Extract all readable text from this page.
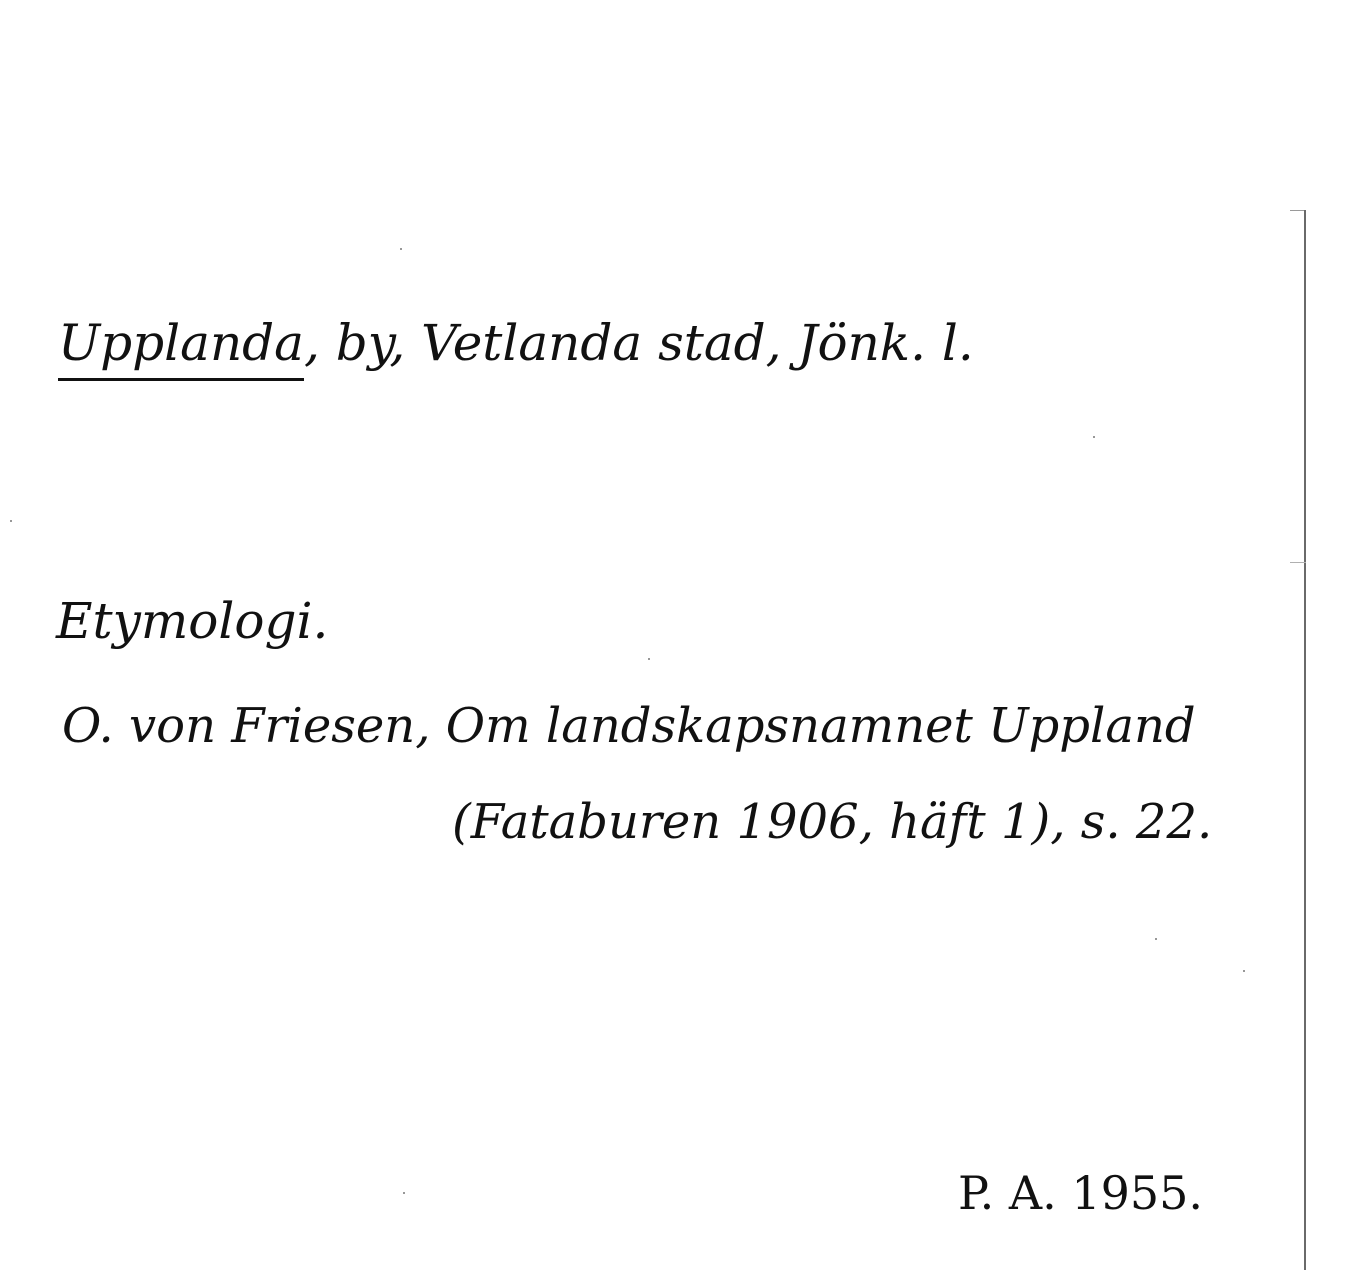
Upplanda, by, Vetlanda stad, Jönk. l.
Etymologi.
O. von Friesen, Om landskapsnamnet Uppland
(Fataburen 1906, häft 1), s. 22.
P. A. 1955.
